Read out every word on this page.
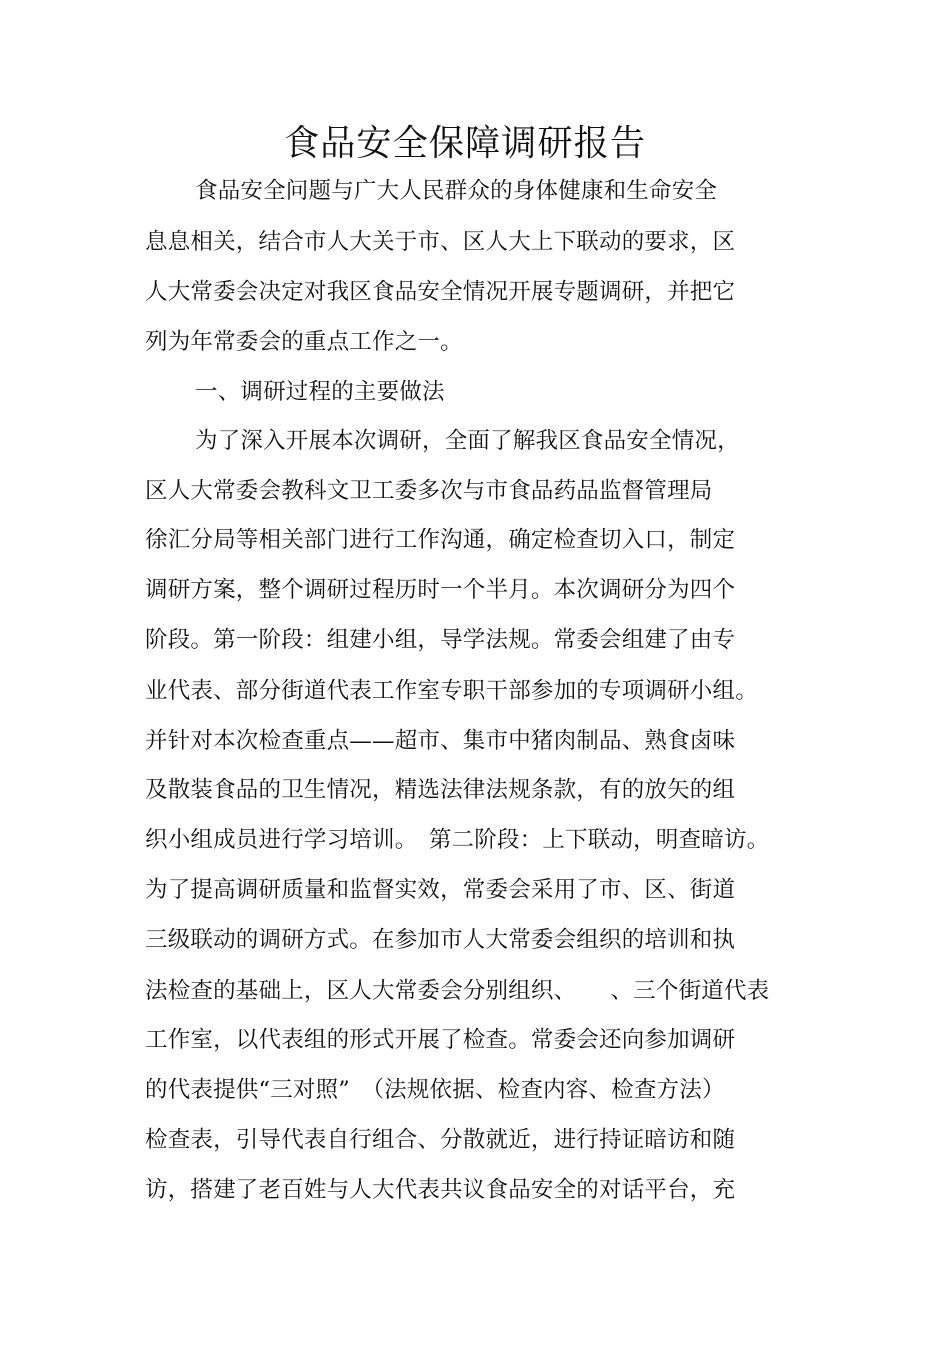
食品安全保障调研报告
食品安全问题与广大人民群众的身体健康和生命安全
息息相关，结合市人大关于市、区人大上下联动的要求，区
人大常委会决定对我区食品安全情况开展专题调研，并把它
列为年常委会的重点工作之一。
一、调研过程的主要做法
为了深入开展本次调研，全面了解我区食品安全情况，
区人大常委会教科文卫工委多次与市食品药品监督管理局
徐汇分局等相关部门进行工作沟通，确定检查切入口，制定
调研方案，整个调研过程历时一个半月。本次调研分为四个
阶段。第一阶段：组建小组，导学法规。常委会组建了由专
业代表、部分街道代表工作室专职干部参加的专项调研小组。
并针对本次检查重点——超市、集市中猪肉制品、熟食卤味
及散装食品的卫生情况，精选法律法规条款，有的放矢的组
织小组成员进行学习培训。　第二阶段：上下联动，明查暗访。
为了提高调研质量和监督实效，常委会采用了市、区、街道
三级联动的调研方式。在参加市人大常委会组织的培训和执
法检查的基础上，区人大常委会分别组织、　　、三个街道代表
工作室，以代表组的形式开展了检查。常委会还向参加调研
的代表提供“三对照”　（法规依据、检查内容、检查方法）
检查表，引导代表自行组合、分散就近，进行持证暗访和随
访，搭建了老百姓与人大代表共议食品安全的对话平台，充
